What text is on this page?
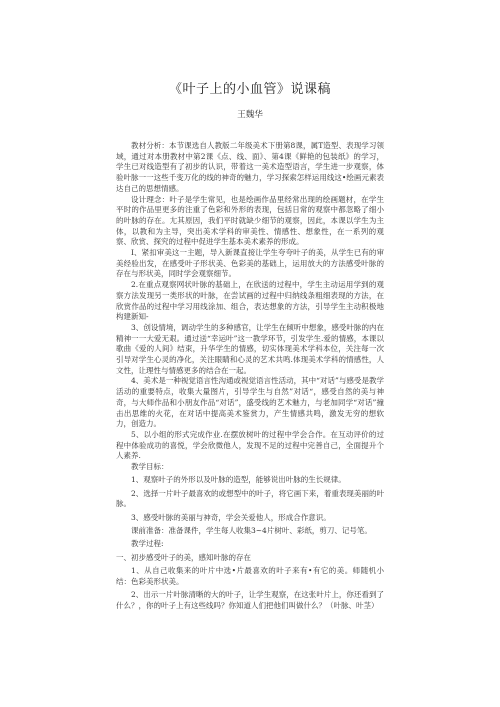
《叶子上的小血管》说课稿
王魏华

教材分析：本节课选自人教版二年级美术下册第8课，属T造型、表现学习领域，通过对本册教材中第2课《点、线、面》、第4课《鲜艳的包装纸》的学习，学生已对线造型有了初步的认识，带着这一美术造型语言，学生进一步观察，体验叶脉一一这些千变万化的线的神奇的魅力，学习探索怎样运用线这•绘画元素表达自己的思想情感。

设计理念：叶子是学生常见，也是绘画作品里经常出现的绘画题材，在学生平时的作品里更多的注重了色彩和外形的表现，包括日常的观察中都忽略了细小的叶脉的存在。尢其原因，我们平时就缺少细节的观察，因此，本课以学生为主体，以教和为主导，突出美术学科的审美性、情感性、想象性，在一系列的观察、欣赏、探究的过程中促进学生基本美术素养的形成。

I、紧扣审美这一主题，导入新课直接让学生夸夸叶子的美，从学生已有的审美经验出发，在感受叶子形状美、色彩美的基础上，运用放大的方法感受叶脉的存在与形状美，同时学会观察细节。

2.在重点观察网状叶脉的基础上，在欣送的过程中，学生主动运用学到的观察方法发现另一类形状的叶脉，在尝试画的过程中归纳线条粗细表现的方法，在欣赏作品的过程中学习用线涂加、组合，表达想象的方法，引导学生主动积极地构建新知-

3、创设情境，调动学生的多种感官，让学生在倾听中想象，感受叶脉的内在精神一一大爱无艰。通过送“幸运叶”这一教学环节，引发学生.爱的情感，本课以歌曲《爱的人间》结束，升华学生的情感，切实体现美术学科本位，关注每一次引导对学生心灵的净化，关注眼睛和心灵的艺术共鸣.体现美术学科的情感性，人文性，让理性与情感更多的结合在一起。

4、美术是一种视觉语言性沟通或视觉语言性活动，其中“对话”与感受是教学活动的重要特点，收集大量图片，引导学生与自然”对话“，感受自然的美与神奇，与大师作品和小朋友作品“对话”，盛受线的艺术魅力，与老加同学“对话”撞击出思维的火花，在对话中提高美术鉴赏力，产生情感共鸣，激发无穷的想软力，创造力。

5、以小组的形式完成作业.在摆放树叶的过程中学会合作。在互动评价的过程中体验成功的喜悦，学会欣微他人，发现不足的过程中完善自己，全面提升个人素养.

教学目标：

1、观察叶子的外形以及叶脉的造型，能够说出叶脉的生长规律。

2、选择一片叶子最喜欢的或想型中的叶子，将它画下来，着重表现美丽的叶脉。

3、感受叶脉的美丽与神奇，学会关爱他人，形成合作意识。

课前准备：准备课件，学生每人收集3~4片树叶、彩纸，剪刀、记号笔。

教学过程:

一、初步感受叶子的美，感知叶脉的存在

1、从自己收集来的叶片中选•片最喜欢的叶子来有•有它的美。师随机小结：色彩美形状美。

2、出示一片叶脉清晰的大的叶子，让学生观察，在这张叶片上，你还看到了什么？，你的叶子上有这些线吗？你知道人们把他们叫做什么？（叶脉、叶茎）
